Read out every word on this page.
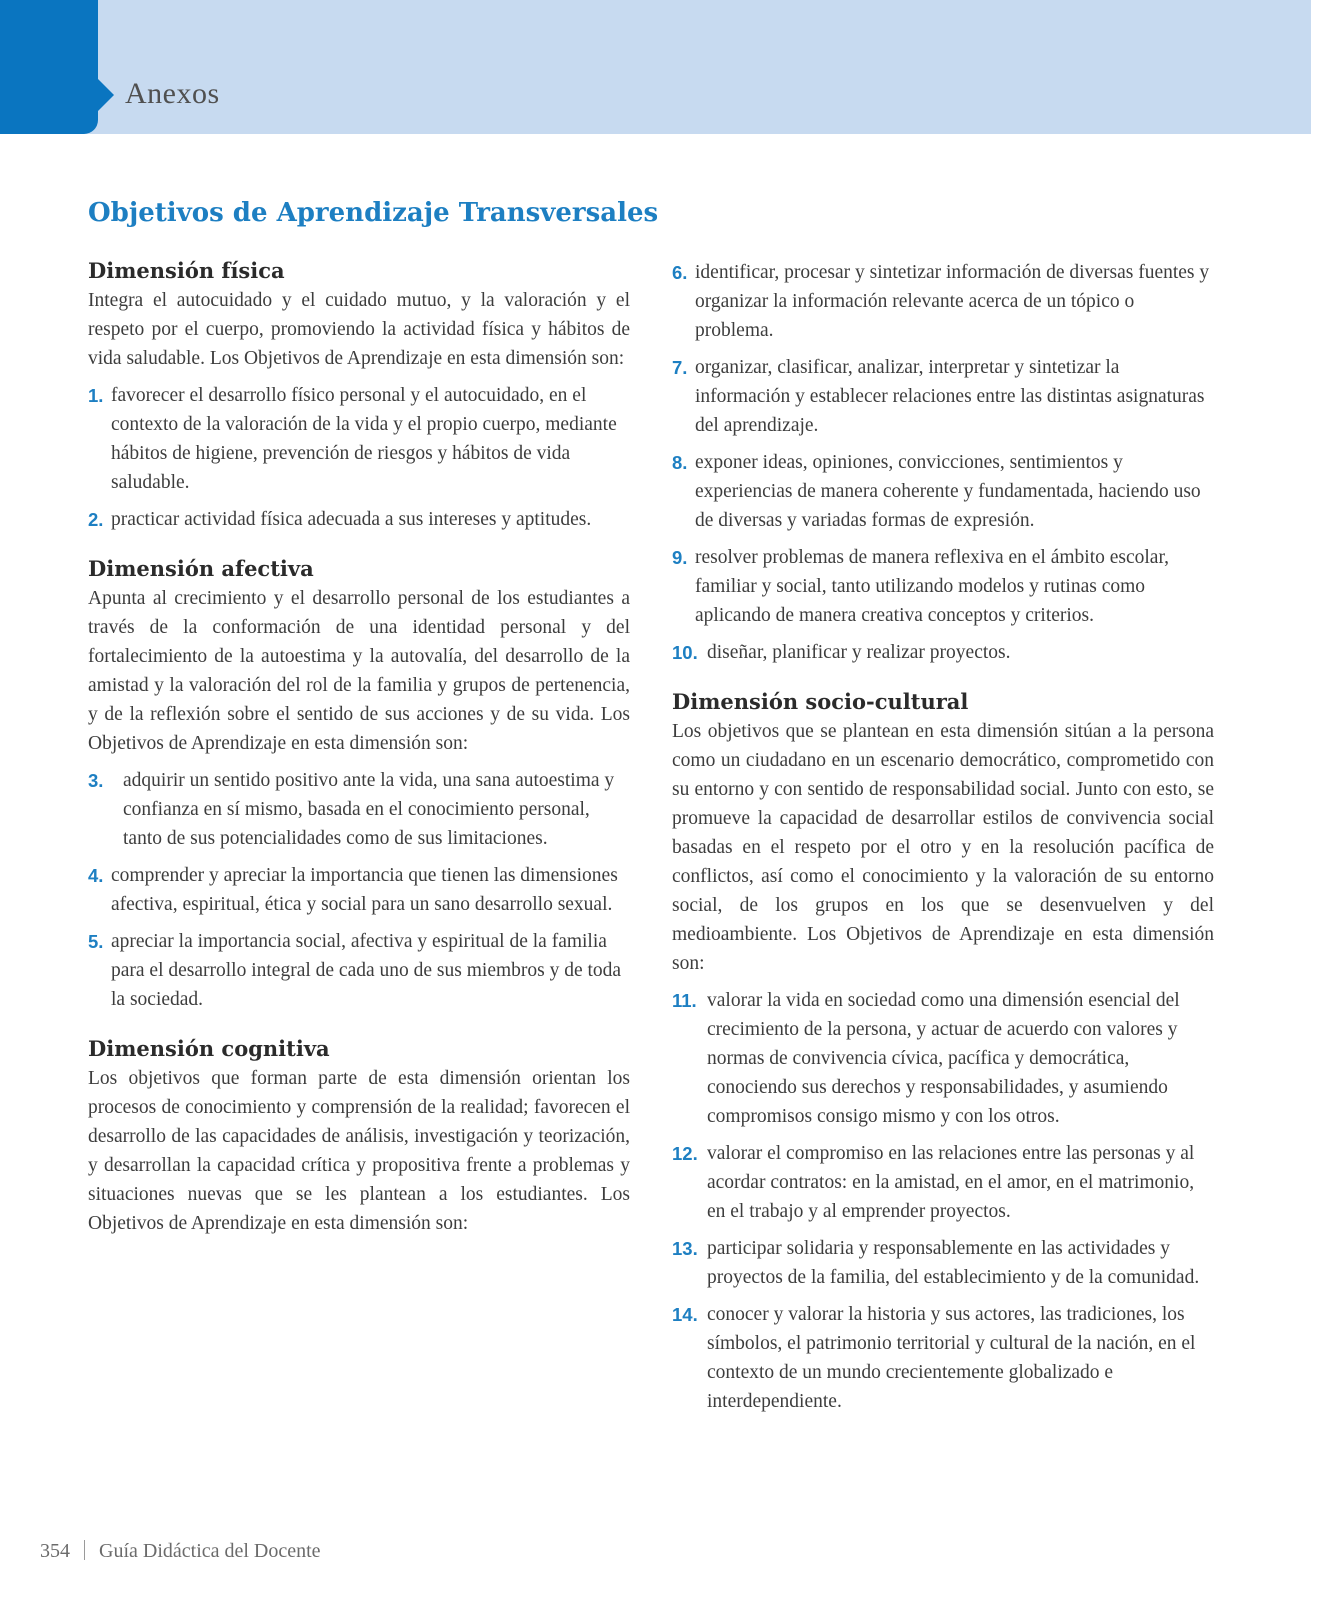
Anexos
Objetivos de Aprendizaje Transversales
Dimensión física

Integra el autocuidado y el cuidado mutuo, y la valoración y el respeto por el cuerpo, promoviendo la actividad física y hábitos de vida saludable. Los Objetivos de Aprendizaje en esta dimensión son:

1. favorecer el desarrollo físico personal y el autocuidado, en el contexto de la valoración de la vida y el propio cuerpo, mediante hábitos de higiene, prevención de riesgos y hábitos de vida saludable.
2. practicar actividad física adecuada a sus intereses y aptitudes.
Dimensión afectiva

Apunta al crecimiento y el desarrollo personal de los estudiantes a través de la conformación de una identidad personal y del fortalecimiento de la autoestima y la autovalía, del desarrollo de la amistad y la valoración del rol de la familia y grupos de pertenencia, y de la reflexión sobre el sentido de sus acciones y de su vida. Los Objetivos de Aprendizaje en esta dimensión son:

3.	adquirir un sentido positivo ante la vida, una sana autoestima y confianza en sí mismo, basada en el conocimiento personal, tanto de sus potencialidades como de sus limitaciones.
4. comprender y apreciar la importancia que tienen las dimensiones afectiva, espiritual, ética y social para un sano desarrollo sexual.
5. apreciar la importancia social, afectiva y espiritual de la familia para el desarrollo integral de cada uno de sus miembros y de toda la sociedad.
Dimensión cognitiva

Los objetivos que forman parte de esta dimensión orientan los procesos de conocimiento y comprensión de la realidad; favorecen el desarrollo de las capacidades de análisis, investigación y teorización, y desarrollan la capacidad crítica y propositiva frente a problemas y situaciones nuevas que se les plantean a los estudiantes. Los Objetivos de Aprendizaje en esta dimensión son:

6. identificar, procesar y sintetizar información de diversas fuentes y organizar la información relevante acerca de un tópico o problema.
7. organizar, clasificar, analizar, interpretar y sintetizar la información y establecer relaciones entre las distintas asignaturas del aprendizaje.
8. exponer ideas, opiniones, convicciones, sentimientos y experiencias de manera coherente y fundamentada, haciendo uso de diversas y variadas formas de expresión.
9. resolver problemas de manera reflexiva en el ámbito escolar, familiar y social, tanto utilizando modelos y rutinas como aplicando de manera creativa conceptos y criterios.
10. diseñar, planificar y realizar proyectos.
Dimensión socio-cultural

Los objetivos que se plantean en esta dimensión sitúan a la persona como un ciudadano en un escenario democrático, comprometido con su entorno y con sentido de responsabilidad social. Junto con esto, se promueve la capacidad de desarrollar estilos de convivencia social basadas en el respeto por el otro y en la resolución pacífica de conflictos, así como el conocimiento y la valoración de su entorno social, de los grupos en los que se desenvuelven y del medioambiente. Los Objetivos de Aprendizaje en esta dimensión son:

11. valorar la vida en sociedad como una dimensión esencial del crecimiento de la persona, y actuar de acuerdo con valores y normas de convivencia cívica, pacífica y democrática, conociendo sus derechos y responsabilidades, y asumiendo compromisos consigo mismo y con los otros.
12. valorar el compromiso en las relaciones entre las personas y al acordar contratos: en la amistad, en el amor, en el matrimonio, en el trabajo y al emprender proyectos.
13. participar solidaria y responsablemente en las actividades y proyectos de la familia, del establecimiento y de la comunidad.
14. conocer y valorar la historia y sus actores, las tradiciones, los símbolos, el patrimonio territorial y cultural de la nación, en el contexto de un mundo crecientemente globalizado e interdependiente.
354 Guía Didáctica del Docente
